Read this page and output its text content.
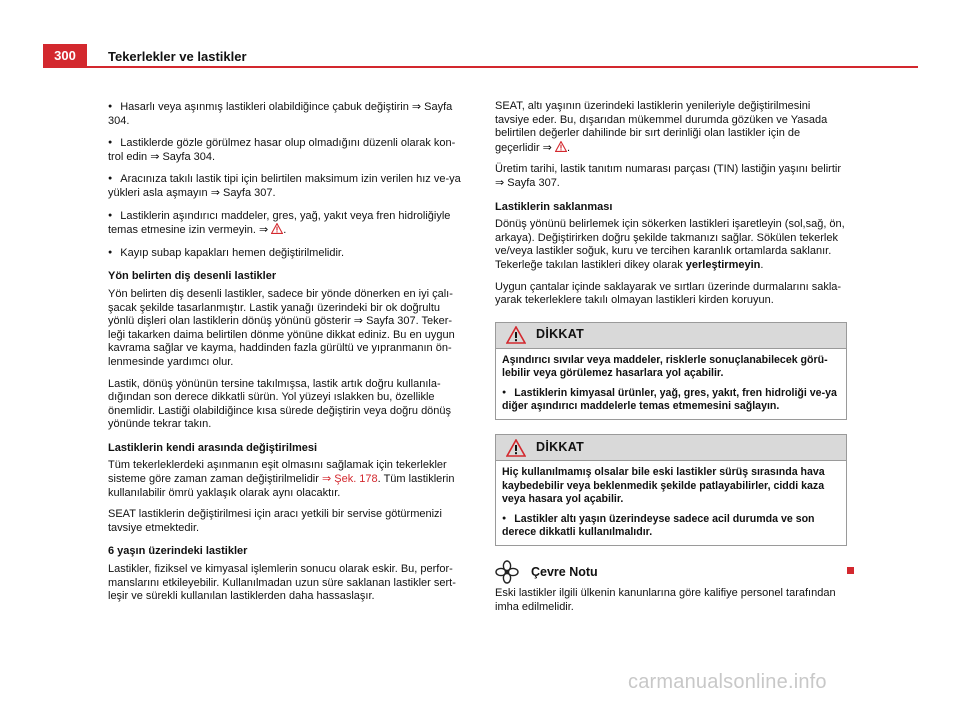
300	Tekerlekler ve lastikler

● Hasarlı veya aşınmış lastikleri olabildiğince çabuk değiştirin ⇒ Sayfa 304.

● Lastiklerde gözle görülmez hasar olup olmadığını düzenli olarak kon-trol edin ⇒ Sayfa 304.

● Aracınıza takılı lastik tipi için belirtilen maksimum izin verilen hız ve-ya yükleri asla aşmayın ⇒ Sayfa 307.

● Lastiklerin aşındırıcı maddeler, gres, yağ, yakıt veya fren hidroliğiyle temas etmesine izin vermeyin. ⇒ .

● Kayıp subap kapakları hemen değiştirilmelidir.

Yön belirten diş desenli lastikler

Yön belirten diş desenli lastikler, sadece bir yönde dönerken en iyi çalı-şacak şekilde tasarlanmıştır. Lastik yanağı üzerindeki bir ok doğrultu yönlü dişleri olan lastiklerin dönüş yönünü gösterir ⇒ Sayfa 307. Teker-leği takarken daima belirtilen dönme yönüne dikkat ediniz. Bu en uygun kavrama sağlar ve kayma, haddinden fazla gürültü ve yıpranmanın ön-lenmesinde yardımcı olur.

Lastik, dönüş yönünün tersine takılmışsa, lastik artık doğru kullanıla-dığından son derece dikkatli sürün. Yol yüzeyi ıslakken bu, özellikle önemlidir. Lastiği olabildiğince kısa sürede değiştirin veya doğru dönüş yönünde tekrar takın.

Lastiklerin kendi arasında değiştirilmesi

Tüm tekerleklerdeki aşınmanın eşit olmasını sağlamak için tekerlekler sisteme göre zaman zaman değiştirilmelidir ⇒ Şek. 178. Tüm lastiklerin kullanılabilir ömrü yaklaşık olarak aynı olacaktır.

SEAT lastiklerin değiştirilmesi için aracı yetkili bir servise götürmenizi tavsiye etmektedir.

6 yaşın üzerindeki lastikler

Lastikler, fiziksel ve kimyasal işlemlerin sonucu olarak eskir. Bu, perfor-manslarını etkileyebilir. Kullanılmadan uzun süre saklanan lastikler sert-leşir ve sürekli kullanılan lastiklerden daha hassaslaşır.

SEAT, altı yaşının üzerindeki lastiklerin yenileriyle değiştirilmesini tavsiye eder. Bu, dışarıdan mükemmel durumda gözüken ve Yasada belirtilen değerler dahilinde bir sırt derinliği olan lastikler için de geçerlidir ⇒ .

Üretim tarihi, lastik tanıtım numarası parçası (TIN) lastiğin yaşını belirtir ⇒ Sayfa 307.

Lastiklerin saklanması

Dönüş yönünü belirlemek için sökerken lastikleri işaretleyin (sol,sağ, ön, arkaya). Değiştirirken doğru şekilde takmanızı sağlar. Sökülen tekerlek ve/veya lastikler soğuk, kuru ve tercihen karanlık ortamlarda saklanır. Tekerleğe takılan lastikleri dikey olarak yerleştirmeyin.

Uygun çantalar içinde saklayarak ve sırtları üzerinde durmalarını sakla-yarak tekerleklere takılı olmayan lastikleri kirden koruyun.

DİKKAT

Aşındırıcı sıvılar veya maddeler, risklerle sonuçlanabilecek görü-lebilir veya görülemez hasarlara yol açabilir.

● Lastiklerin kimyasal ürünler, yağ, gres, yakıt, fren hidroliği ve-ya diğer aşındırıcı maddelerle temas etmemesini sağlayın.

DİKKAT

Hiç kullanılmamış olsalar bile eski lastikler sürüş sırasında hava kaybedebilir veya beklenmedik şekilde patlayabilirler, ciddi kaza veya hasara yol açabilir.

● Lastikler altı yaşın üzerindeyse sadece acil durumda ve son derece dikkatli kullanılmalıdır.

Çevre Notu

Eski lastikler ilgili ülkenin kanunlarına göre kalifiye personel tarafından imha edilmelidir.

carmanualsonline.info
